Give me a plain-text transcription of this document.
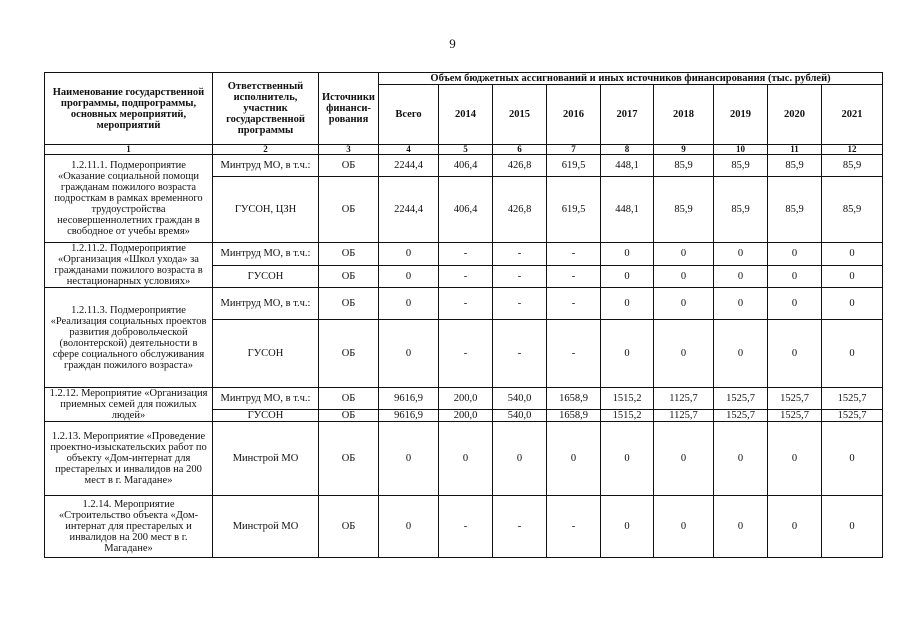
9
Наименование государственной программы, подпрограммы, основных мероприятий, мероприятий	Ответственный исполнитель, участник государственной программы	Источники финанси-рования	Объем бюджетных ассигнований и иных источников финансирования (тыс. рублей)								
			Всего	2014	2015	2016	2017	2018	2019	2020	2021
1	2	3	4	5	6	7	8	9	10	11	12
1.2.11.1. Подмероприятие «Оказание социальной помощи гражданам пожилого возраста подросткам в рамках временного трудоустройства несовершеннолетних граждан в свободное от учебы время»	Минтруд МО, в т.ч.:	ОБ	2244,4	406,4	426,8	619,5	448,1	85,9	85,9	85,9	85,9
	ГУСОН, ЦЗН	ОБ	2244,4	406,4	426,8	619,5	448,1	85,9	85,9	85,9	85,9
1.2.11.2. Подмероприятие «Организация «Школ ухода» за гражданами пожилого возраста в нестационарных условиях»	Минтруд МО, в т.ч.:	ОБ	0	-	-	-	0	0	0	0	0
	ГУСОН	ОБ	0	-	-	-	0	0	0	0	0
1.2.11.3. Подмероприятие «Реализация социальных проектов развития добровольческой (волонтерской) деятельности в сфере социального обслуживания граждан пожилого возраста»	Минтруд МО, в т.ч.:	ОБ	0	-	-	-	0	0	0	0	0
	ГУСОН	ОБ	0	-	-	-	0	0	0	0	0
1.2.12. Мероприятие «Организация приемных семей для пожилых людей»	Минтруд МО, в т.ч.:	ОБ	9616,9	200,0	540,0	1658,9	1515,2	1125,7	1525,7	1525,7	1525,7
	ГУСОН	ОБ	9616,9	200,0	540,0	1658,9	1515,2	1125,7	1525,7	1525,7	1525,7
1.2.13. Мероприятие «Проведение проектно-изыскательских работ по объекту «Дом-интернат для престарелых и инвалидов на 200 мест в г. Магадане»	Минстрой МО	ОБ	0	0	0	0	0	0	0	0	0
1.2.14. Мероприятие «Строительство объекта «Дом-интернат для престарелых и инвалидов на 200 мест в г. Магадане»	Минстрой МО	ОБ	0	-	-	-	0	0	0	0	0
